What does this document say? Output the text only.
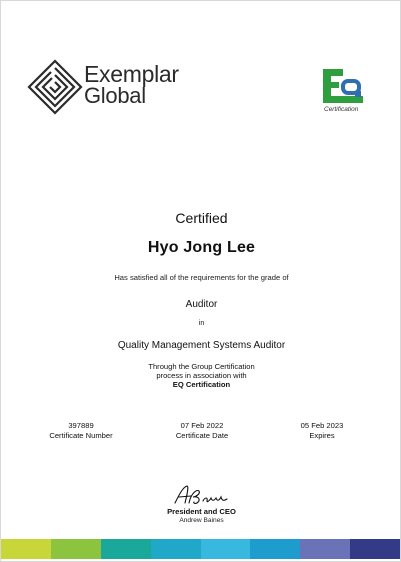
Exemplar
Global
Certification
Certified
Hyo Jong Lee
Has satisfied all of the requirements for the grade of
Auditor
in
Quality Management Systems Auditor
Through the Group Certification
process in association with
EQ Certification
397889
Certificate Number
07 Feb 2022
Certificate Date
05 Feb 2023
Expires
President and CEO
Andrew Baines
